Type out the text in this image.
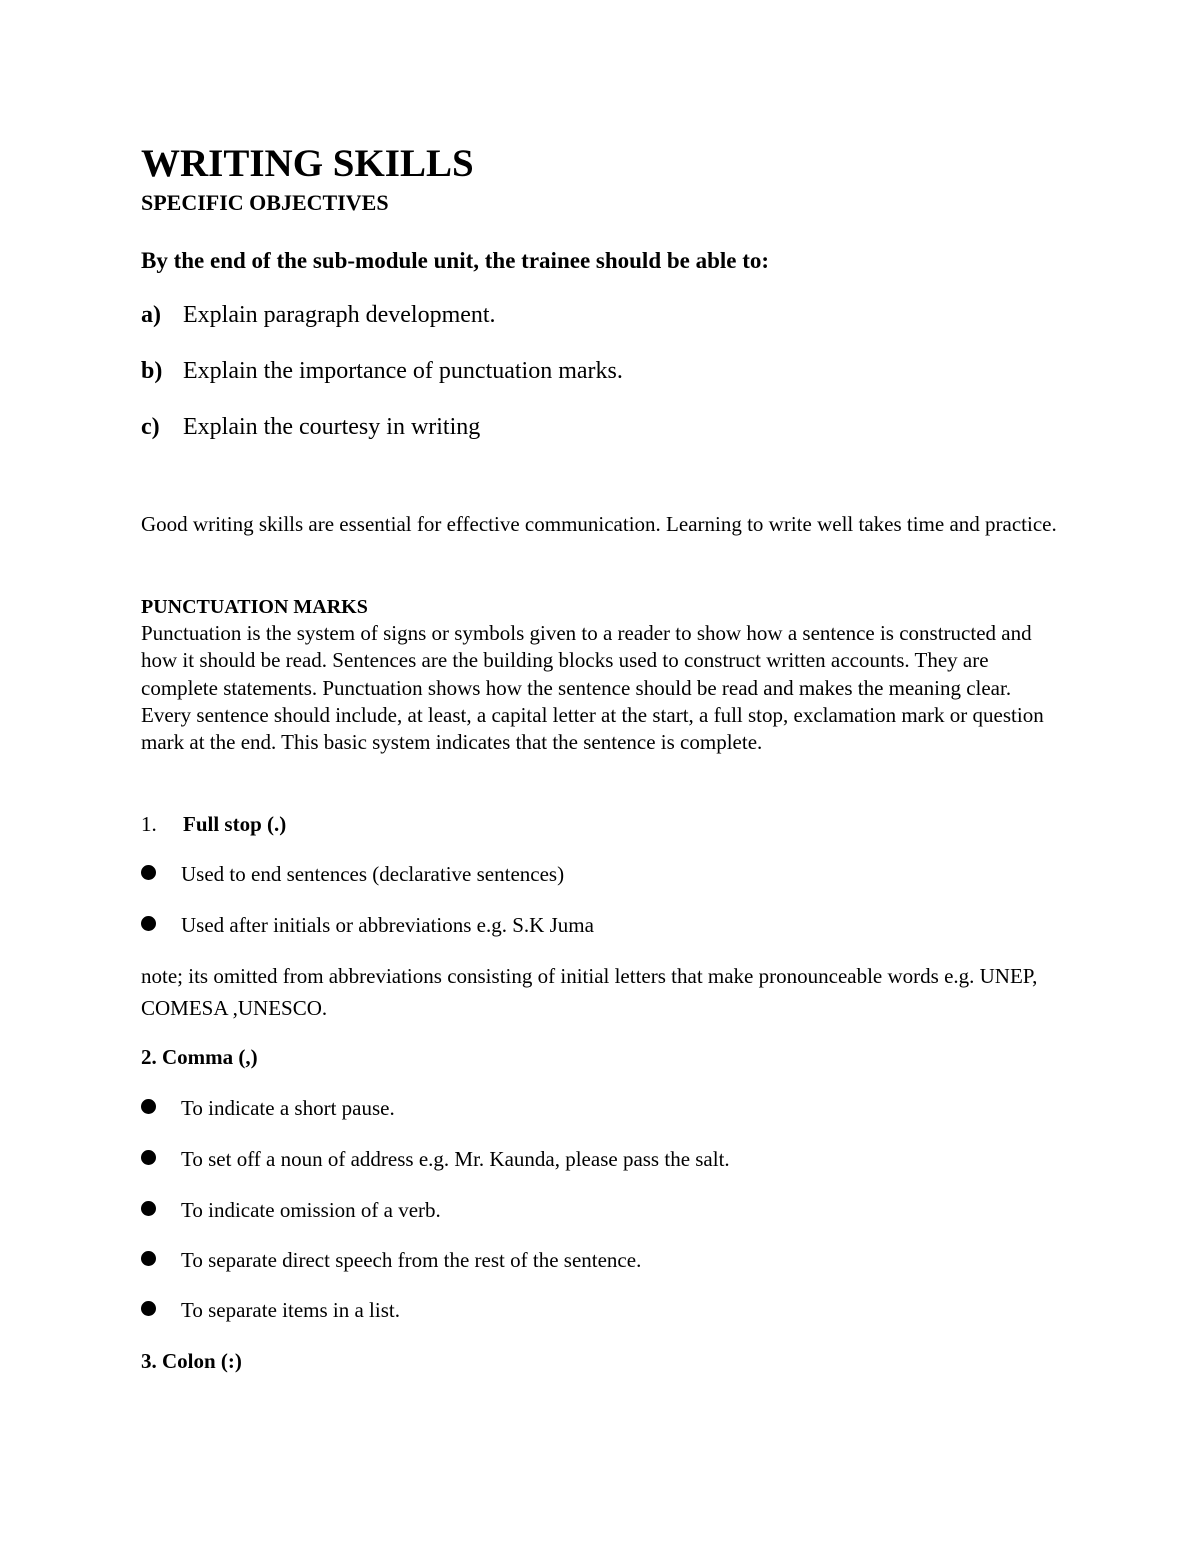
WRITING SKILLS
SPECIFIC OBJECTIVES
By the end of the sub-module unit, the trainee should be able to:
a) Explain paragraph development.
b) Explain the importance of punctuation marks.
c) Explain the courtesy in writing
Good writing skills are essential for effective communication. Learning to write well takes time and practice.
PUNCTUATION MARKS
Punctuation is the system of signs or symbols given to a reader to show how a sentence is constructed and how it should be read. Sentences are the building blocks used to construct written accounts. They are complete statements. Punctuation shows how the sentence should be read and makes the meaning clear. Every sentence should include, at least, a capital letter at the start, a full stop, exclamation mark or question mark at the end. This basic system indicates that the sentence is complete.
1. Full stop (.)
Used to end sentences (declarative sentences)
Used after initials or abbreviations e.g. S.K Juma
note; its omitted from abbreviations consisting of initial letters that make pronounceable words e.g. UNEP, COMESA ,UNESCO.
2. Comma (,)
To indicate a short pause.
To set off a noun of address e.g. Mr. Kaunda, please pass the salt.
To indicate omission of a verb.
To separate direct speech from the rest of the sentence.
To separate items in a list.
3. Colon (:)
